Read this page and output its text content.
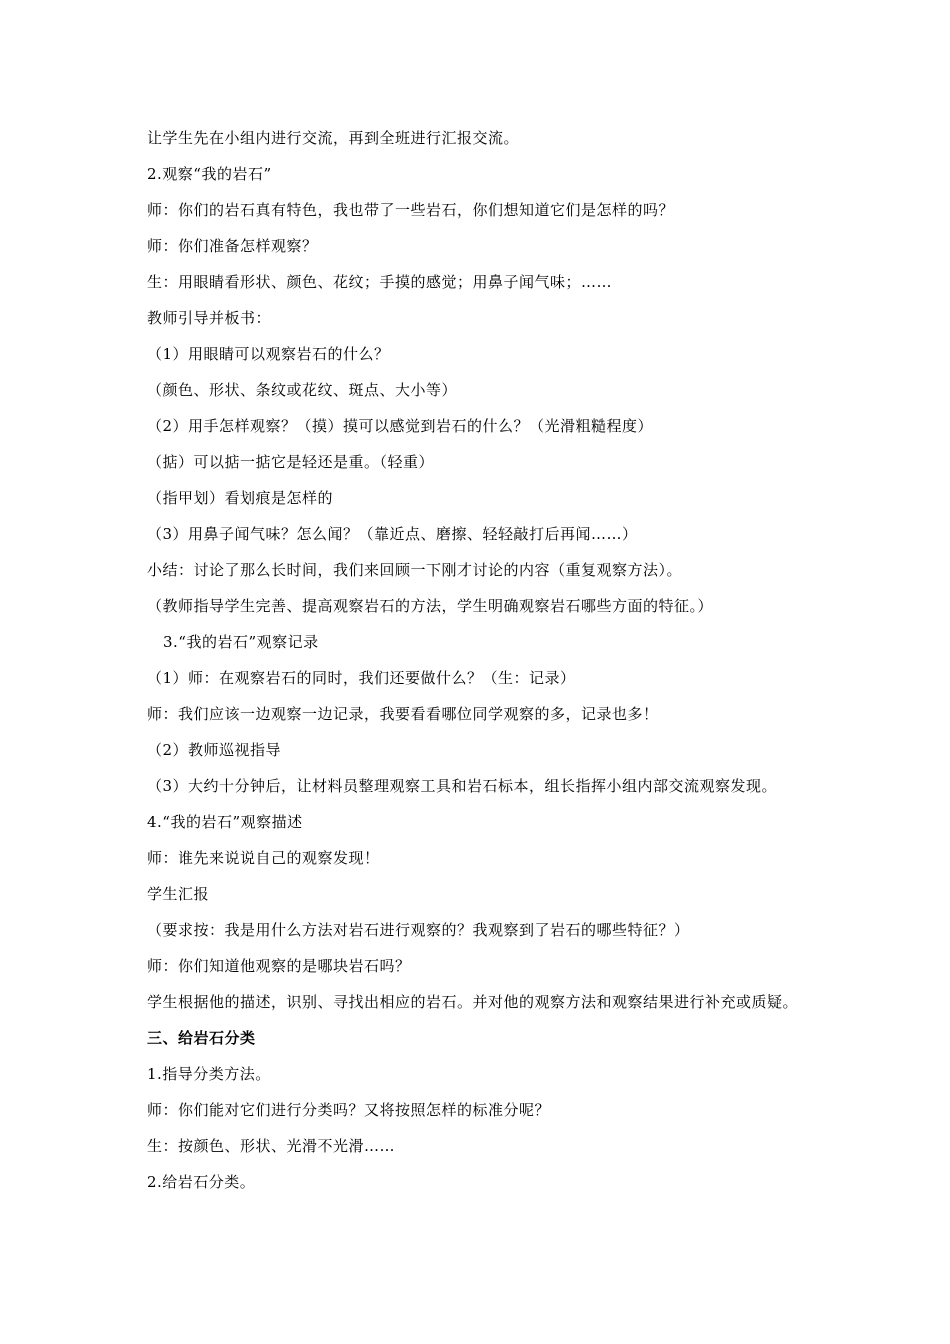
让学生先在小组内进行交流，再到全班进行汇报交流。
2.观察“我的岩石”
师：你们的岩石真有特色，我也带了一些岩石，你们想知道它们是怎样的吗？
师：你们准备怎样观察？
生：用眼睛看形状、颜色、花纹；手摸的感觉；用鼻子闻气味；……
教师引导并板书：
（1）用眼睛可以观察岩石的什么？
（颜色、形状、条纹或花纹、斑点、大小等）
（2）用手怎样观察？（摸）摸可以感觉到岩石的什么？（光滑粗糙程度）
（掂）可以掂一掂它是轻还是重。（轻重）
（指甲划）看划痕是怎样的
（3）用鼻子闻气味？怎么闻？（靠近点、磨擦、轻轻敲打后再闻……）
小结：讨论了那么长时间，我们来回顾一下刚才讨论的内容（重复观察方法）。
（教师指导学生完善、提高观察岩石的方法，学生明确观察岩石哪些方面的特征。）
3.“我的岩石”观察记录
（1）师：在观察岩石的同时，我们还要做什么？（生：记录）
师：我们应该一边观察一边记录，我要看看哪位同学观察的多，记录也多！
（2）教师巡视指导
（3）大约十分钟后，让材料员整理观察工具和岩石标本，组长指挥小组内部交流观察发现。
4.“我的岩石”观察描述
师：谁先来说说自己的观察发现！
学生汇报
（要求按：我是用什么方法对岩石进行观察的？我观察到了岩石的哪些特征？）
师：你们知道他观察的是哪块岩石吗？
学生根据他的描述，识别、寻找出相应的岩石。并对他的观察方法和观察结果进行补充或质疑。
三、给岩石分类
1.指导分类方法。
师：你们能对它们进行分类吗？又将按照怎样的标准分呢？
生：按颜色、形状、光滑不光滑……
2.给岩石分类。
